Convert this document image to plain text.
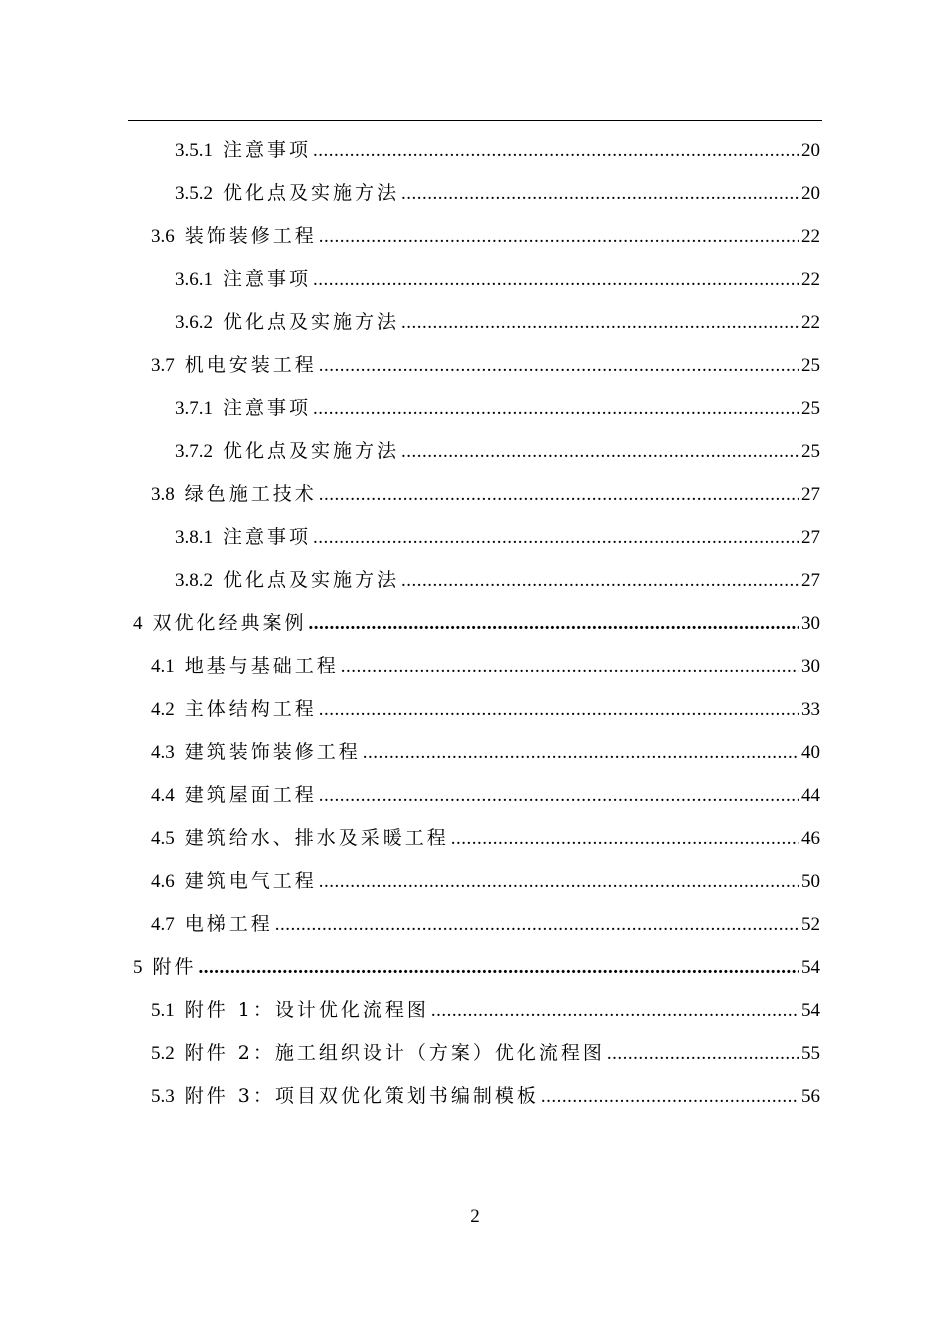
3.5.1 注意事项 .....	20
3.5.2 优化点及实施方法 .....	20
3.6 装饰装修工程 .....	22
3.6.1 注意事项 .....	22
3.6.2 优化点及实施方法 .....	22
3.7 机电安装工程 .....	25
3.7.1 注意事项 .....	25
3.7.2 优化点及实施方法 .....	25
3.8 绿色施工技术 .....	27
3.8.1 注意事项 .....	27
3.8.2 优化点及实施方法 .....	27
4 双优化经典案例 .....	30
4.1 地基与基础工程 .....	30
4.2 主体结构工程 .....	33
4.3 建筑装饰装修工程 .....	40
4.4 建筑屋面工程 .....	44
4.5 建筑给水、排水及采暖工程 .....	46
4.6 建筑电气工程 .....	50
4.7 电梯工程 .....	52
5 附件 .....	54
5.1 附件 1：设计优化流程图 .....	54
5.2 附件 2：施工组织设计（方案）优化流程图 .....	55
5.3 附件 3：项目双优化策划书编制模板 .....	56
2
